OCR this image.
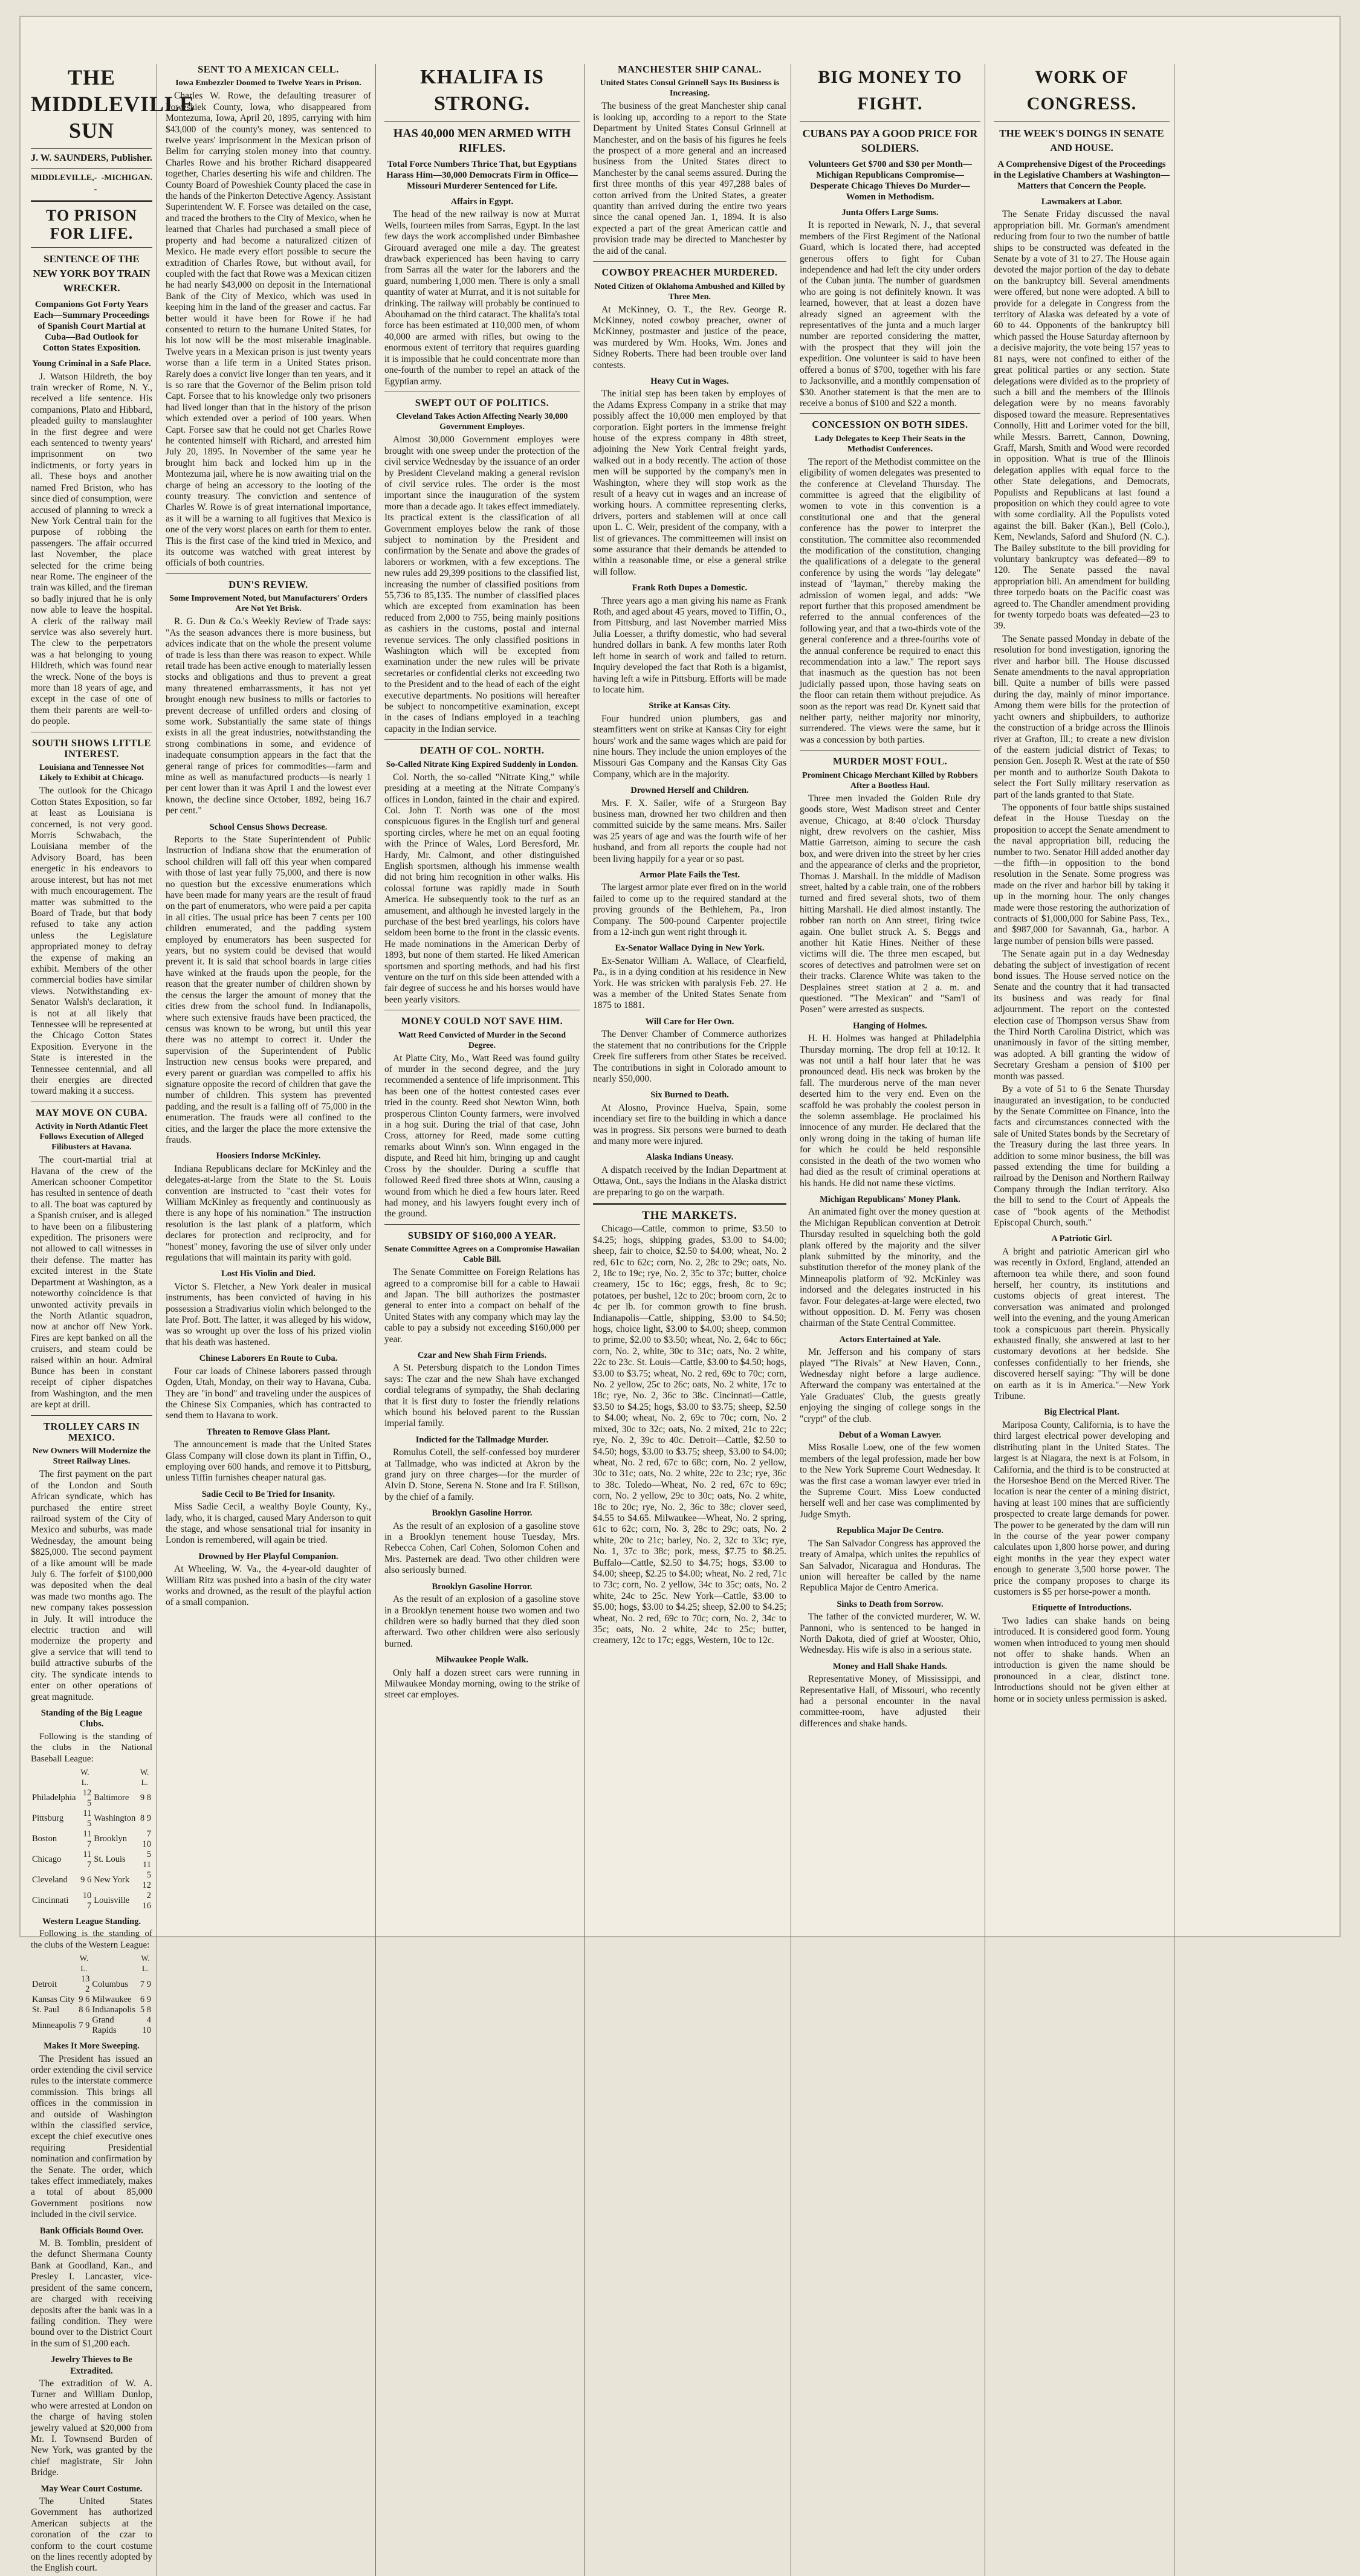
THE MIDDLEVILLE SUN
J. W. SAUNDERS, Publisher.
MIDDLEVILLE, - - -
MICHIGAN.
TO PRISON FOR LIFE.
SENTENCE OF THE NEW YORK BOY TRAIN WRECKER.
Companions Got Forty Years Each—Summary Proceedings of Spanish Court Martial at Cuba—Bad Outlook for Cotton States Exposition.
Young Criminal in a Safe Place.

J. Watson Hildreth, the boy train wrecker of Rome, N. Y., received a life sentence. His companions, Plato and Hibbard, pleaded guilty to manslaughter in the first degree and were each sentenced to twenty years' imprisonment on two indictments, or forty years in all. These boys and another named Fred Briston, who has since died of consumption, were accused of planning to wreck a New York Central train for the purpose of robbing the passengers. The affair occurred last November, the place selected for the crime being near Rome. The engineer of the train was killed, and the fireman so badly injured that he is only now able to leave the hospital. A clerk of the railway mail service was also severely hurt. The clew to the perpetrators was a hat belonging to young Hildreth, which was found near the wreck. None of the boys is more than 18 years of age, and except in the case of one of them their parents are well-to-do people.

SOUTH SHOWS LITTLE INTEREST.
Louisiana and Tennessee Not Likely to Exhibit at Chicago.

The outlook for the Chicago Cotton States Exposition, so far at least as Louisiana is concerned, is not very good. Morris Schwabach, the Louisiana member of the Advisory Board, has been energetic in his endeavors to arouse interest, but has not met with much encouragement. The matter was submitted to the Board of Trade, but that body refused to take any action unless the Legislature appropriated money to defray the expense of making an exhibit. Members of the other commercial bodies have similar views. Notwithstanding ex-Senator Walsh's declaration, it is not at all likely that Tennessee will be represented at the Chicago Cotton States Exposition. Everyone in the State is interested in the Tennessee centennial, and all their energies are directed toward making it a success.

MAY MOVE ON CUBA.
Activity in North Atlantic Fleet Follows Execution of Alleged Filibusters at Havana.

The court-martial trial at Havana of the crew of the American schooner Competitor has resulted in sentence of death to all. The boat was captured by a Spanish cruiser, and is alleged to have been on a filibustering expedition. The prisoners were not allowed to call witnesses in their defense. The matter has excited interest in the State Department at Washington, as a noteworthy coincidence is that unwonted activity prevails in the North Atlantic squadron, now at anchor off New York. Fires are kept banked on all the cruisers, and steam could be raised within an hour. Admiral Bunce has been in constant receipt of cipher dispatches from Washington, and the men are kept at drill.

TROLLEY CARS IN MEXICO.
New Owners Will Modernize the Street Railway Lines.

The first payment on the part of the London and South African syndicate, which has purchased the entire street railroad system of the City of Mexico and suburbs, was made Wednesday, the amount being $825,000. The second payment of a like amount will be made July 6. The forfeit of $100,000 was deposited when the deal was made two months ago. The new company takes possession in July. It will introduce the electric traction and will modernize the property and give a service that will tend to build attractive suburbs of the city. The syndicate intends to enter on other operations of great magnitude.

Standing of the Big League Clubs.
Following is the standing of the clubs in the National Baseball League:
	W. L.		W. L.
Philadelphia	12 5	Baltimore	9 8
Pittsburg	11 5	Washington	8 9
Boston	11 7	Brooklyn	7 10
Chicago	11 7	St. Louis	5 11
Cleveland	9 6	New York	5 12
Cincinnati	10 7	Louisville	2 16
Western League Standing.
Following is the standing of the clubs of the Western League:
	W. L.		W. L.
Detroit	13 2	Columbus	7 9
Kansas City	9 6	Milwaukee	6 9
St. Paul	8 6	Indianapolis	5 8
Minneapolis	7 9	Grand Rapids	4 10
Makes It More Sweeping.

The President has issued an order extending the civil service rules to the interstate commerce commission. This brings all offices in the commission in and outside of Washington within the classified service, except the chief executive ones requiring Presidential nomination and confirmation by the Senate. The order, which takes effect immediately, makes a total of about 85,000 Government positions now included in the civil service.

Bank Officials Bound Over.

M. B. Tomblin, president of the defunct Shermana County Bank at Goodland, Kan., and Presley I. Lancaster, vice-president of the same concern, are charged with receiving deposits after the bank was in a failing condition. They were bound over to the District Court in the sum of $1,200 each.

Jewelry Thieves to Be Extradited.

The extradition of W. A. Turner and William Dunlop, who were arrested at London on the charge of having stolen jewelry valued at $20,000 from Mr. I. Townsend Burden of New York, was granted by the chief magistrate, Sir John Bridge.

May Wear Court Costume.

The United States Government has authorized American subjects at the coronation of the czar to conform to the court costume on the lines recently adopted by the English court.

SENT TO A MEXICAN CELL.
Iowa Embezzler Doomed to Twelve Years in Prison.

Charles W. Rowe, the defaulting treasurer of Poweshiek County, Iowa, who disappeared from Montezuma, Iowa, April 20, 1895, carrying with him $43,000 of the county's money, was sentenced to twelve years' imprisonment in the Mexican prison of Belim for carrying stolen money into that country. Charles Rowe and his brother Richard disappeared together, Charles deserting his wife and children. The County Board of Poweshiek County placed the case in the hands of the Pinkerton Detective Agency. Assistant Superintendent W. F. Forsee was detailed on the case, and traced the brothers to the City of Mexico, when he learned that Charles had purchased a small piece of property and had become a naturalized citizen of Mexico. He made every effort possible to secure the extradition of Charles Rowe, but without avail, for coupled with the fact that Rowe was a Mexican citizen he had nearly $43,000 on deposit in the International Bank of the City of Mexico, which was used in keeping him in the land of the greaser and cactus. Far better would it have been for Rowe if he had consented to return to the humane United States, for his lot now will be the most miserable imaginable. Twelve years in a Mexican prison is just twenty years worse than a life term in a United States prison. Rarely does a convict live longer than ten years, and it is so rare that the Governor of the Belim prison told Capt. Forsee that to his knowledge only two prisoners had lived longer than that in the history of the prison which extended over a period of 100 years. When Capt. Forsee saw that he could not get Charles Rowe he contented himself with Richard, and arrested him July 20, 1895. In November of the same year he brought him back and locked him up in the Montezuma jail, where he is now awaiting trial on the charge of being an accessory to the looting of the county treasury. The conviction and sentence of Charles W. Rowe is of great international importance, as it will be a warning to all fugitives that Mexico is one of the very worst places on earth for them to enter. This is the first case of the kind tried in Mexico, and its outcome was watched with great interest by officials of both countries.

DUN'S REVIEW.
Some Improvement Noted, but Manufacturers' Orders Are Not Yet Brisk.

R. G. Dun & Co.'s Weekly Review of Trade says: "As the season advances there is more business, but advices indicate that on the whole the present volume of trade is less than there was reason to expect. While retail trade has been active enough to materially lessen stocks and obligations and thus to prevent a great many threatened embarrassments, it has not yet brought enough new business to mills or factories to prevent decrease of unfilled orders and closing of some work. Substantially the same state of things exists in all the great industries, notwithstanding the strong combinations in some, and evidence of inadequate consumption appears in the fact that the general range of prices for commodities—farm and mine as well as manufactured products—is nearly 1 per cent lower than it was April 1 and the lowest ever known, the decline since October, 1892, being 16.7 per cent."

School Census Shows Decrease.

Reports to the State Superintendent of Public Instruction of Indiana show that the enumeration of school children will fall off this year when compared with those of last year fully 75,000, and there is now no question but the excessive enumerations which have been made for many years are the result of fraud on the part of enumerators, who were paid a per capita in all cities. The usual price has been 7 cents per 100 children enumerated, and the padding system employed by enumerators has been suspected for years, but no system could be devised that would prevent it. It is said that school boards in large cities have winked at the frauds upon the people, for the reason that the greater number of children shown by the census the larger the amount of money that the cities drew from the school fund. In Indianapolis, where such extensive frauds have been practiced, the census was known to be wrong, but until this year there was no attempt to correct it. Under the supervision of the Superintendent of Public Instruction new census books were prepared, and every parent or guardian was compelled to affix his signature opposite the record of children that gave the number of children. This system has prevented padding, and the result is a falling off of 75,000 in the enumeration. The frauds were all confined to the cities, and the larger the place the more extensive the frauds.

Hoosiers Indorse McKinley.

Indiana Republicans declare for McKinley and the delegates-at-large from the State to the St. Louis convention are instructed to "cast their votes for William McKinley as frequently and continuously as there is any hope of his nomination." The instruction resolution is the last plank of a platform, which declares for protection and reciprocity, and for "honest" money, favoring the use of silver only under regulations that will maintain its parity with gold.

Lost His Violin and Died.

Victor S. Fletcher, a New York dealer in musical instruments, has been convicted of having in his possession a Stradivarius violin which belonged to the late Prof. Bott. The latter, it was alleged by his widow, was so wrought up over the loss of his prized violin that his death was hastened.

Chinese Laborers En Route to Cuba.

Four car loads of Chinese laborers passed through Ogden, Utah, Monday, on their way to Havana, Cuba. They are "in bond" and traveling under the auspices of the Chinese Six Companies, which has contracted to send them to Havana to work.

Threaten to Remove Glass Plant.

The announcement is made that the United States Glass Company will close down its plant in Tiffin, O., employing over 600 hands, and remove it to Pittsburg, unless Tiffin furnishes cheaper natural gas.

Sadie Cecil to Be Tried for Insanity.

Miss Sadie Cecil, a wealthy Boyle County, Ky., lady, who, it is charged, caused Mary Anderson to quit the stage, and whose sensational trial for insanity in London is remembered, will again be tried.

Drowned by Her Playful Companion.

At Wheeling, W. Va., the 4-year-old daughter of William Ritz was pushed into a basin of the city water works and drowned, as the result of the playful action of a small companion.

KHALIFA IS STRONG.
HAS 40,000 MEN ARMED WITH RIFLES.
Total Force Numbers Thrice That, but Egyptians Harass Him—30,000 Democrats Firm in Office—Missouri Murderer Sentenced for Life.
Affairs in Egypt.

The head of the new railway is now at Murrat Wells, fourteen miles from Sarras, Egypt. In the last few days the work accomplished under Bimbashee Girouard averaged one mile a day. The greatest drawback experienced has been having to carry from Sarras all the water for the laborers and the guard, numbering 1,000 men. There is only a small quantity of water at Murrat, and it is not suitable for drinking. The railway will probably be continued to Abouhamad on the third cataract. The khalifa's total force has been estimated at 110,000 men, of whom 40,000 are armed with rifles, but owing to the enormous extent of territory that requires guarding it is impossible that he could concentrate more than one-fourth of the number to repel an attack of the Egyptian army.

SWEPT OUT OF POLITICS.
Cleveland Takes Action Affecting Nearly 30,000 Government Employes.

Almost 30,000 Government employes were brought with one sweep under the protection of the civil service Wednesday by the issuance of an order by President Cleveland making a general revision of civil service rules. The order is the most important since the inauguration of the system more than a decade ago. It takes effect immediately. Its practical extent is the classification of all Government employes below the rank of those subject to nomination by the President and confirmation by the Senate and above the grades of laborers or workmen, with a few exceptions. The new rules add 29,399 positions to the classified list, increasing the number of classified positions from 55,736 to 85,135. The number of classified places which are excepted from examination has been reduced from 2,000 to 755, being mainly positions as cashiers in the customs, postal and internal revenue services. The only classified positions in Washington which will be excepted from examination under the new rules will be private secretaries or confidential clerks not exceeding two to the President and to the head of each of the eight executive departments. No positions will hereafter be subject to noncompetitive examination, except in the cases of Indians employed in a teaching capacity in the Indian service.

DEATH OF COL. NORTH.
So-Called Nitrate King Expired Suddenly in London.

Col. North, the so-called "Nitrate King," while presiding at a meeting at the Nitrate Company's offices in London, fainted in the chair and expired. Col. John T. North was one of the most conspicuous figures in the English turf and general sporting circles, where he met on an equal footing with the Prince of Wales, Lord Beresford, Mr. Hardy, Mr. Calmont, and other distinguished English sportsmen, although his immense wealth did not bring him recognition in other walks. His colossal fortune was rapidly made in South America. He subsequently took to the turf as an amusement, and although he invested largely in the purchase of the best bred yearlings, his colors have seldom been borne to the front in the classic events. He made nominations in the American Derby of 1893, but none of them started. He liked American sportsmen and sporting methods, and had his first venture on the turf on this side been attended with a fair degree of success he and his horses would have been yearly visitors.

MONEY COULD NOT SAVE HIM.
Watt Reed Convicted of Murder in the Second Degree.

At Platte City, Mo., Watt Reed was found guilty of murder in the second degree, and the jury recommended a sentence of life imprisonment. This has been one of the hottest contested cases ever tried in the county. Reed shot Newton Winn, both prosperous Clinton County farmers, were involved in a hog suit. During the trial of that case, John Cross, attorney for Reed, made some cutting remarks about Winn's son. Winn engaged in the dispute, and Reed hit him, bringing up and caught Cross by the shoulder. During a scuffle that followed Reed fired three shots at Winn, causing a wound from which he died a few hours later. Reed had money, and his lawyers fought every inch of the ground.

SUBSIDY OF $160,000 A YEAR.
Senate Committee Agrees on a Compromise Hawaiian Cable Bill.

The Senate Committee on Foreign Relations has agreed to a compromise bill for a cable to Hawaii and Japan. The bill authorizes the postmaster general to enter into a compact on behalf of the United States with any company which may lay the cable to pay a subsidy not exceeding $160,000 per year.

Czar and New Shah Firm Friends.

A St. Petersburg dispatch to the London Times says: The czar and the new Shah have exchanged cordial telegrams of sympathy, the Shah declaring that it is first duty to foster the friendly relations which bound his beloved parent to the Russian imperial family.

Indicted for the Tallmadge Murder.

Romulus Cotell, the self-confessed boy murderer at Tallmadge, who was indicted at Akron by the grand jury on three charges—for the murder of Alvin D. Stone, Serena N. Stone and Ira F. Stillson, by the chief of a family.

Brooklyn Gasoline Horror.

As the result of an explosion of a gasoline stove in a Brooklyn tenement house Tuesday, Mrs. Rebecca Cohen, Carl Cohen, Solomon Cohen and Mrs. Pasternek are dead. Two other children were also seriously burned.

Brooklyn Gasoline Horror.

As the result of an explosion of a gasoline stove in a Brooklyn tenement house two women and two children were so badly burned that they died soon afterward. Two other children were also seriously burned.

Milwaukee People Walk.

Only half a dozen street cars were running in Milwaukee Monday morning, owing to the strike of street car employes.

MANCHESTER SHIP CANAL.
United States Consul Grinnell Says Its Business is Increasing.

The business of the great Manchester ship canal is looking up, according to a report to the State Department by United States Consul Grinnell at Manchester, and on the basis of his figures he feels the prospect of a more general and an increased business from the United States direct to Manchester by the canal seems assured. During the first three months of this year 497,288 bales of cotton arrived from the United States, a greater quantity than arrived during the entire two years since the canal opened Jan. 1, 1894. It is also expected a part of the great American cattle and provision trade may be directed to Manchester by the aid of the canal.

COWBOY PREACHER MURDERED.
Noted Citizen of Oklahoma Ambushed and Killed by Three Men.

At McKinney, O. T., the Rev. George R. McKinney, noted cowboy preacher, owner of McKinney, postmaster and justice of the peace, was murdered by Wm. Hooks, Wm. Jones and Sidney Roberts. There had been trouble over land contests.

Heavy Cut in Wages.

The initial step has been taken by employes of the Adams Express Company in a strike that may possibly affect the 10,000 men employed by that corporation. Eight porters in the immense freight house of the express company in 48th street, adjoining the New York Central freight yards, walked out in a body recently. The action of those men will be supported by the company's men in Washington, where they will stop work as the result of a heavy cut in wages and an increase of working hours. A committee representing clerks, drivers, porters and stablemen will at once call upon L. C. Weir, president of the company, with a list of grievances. The committeemen will insist on some assurance that their demands be attended to within a reasonable time, or else a general strike will follow.

Frank Roth Dupes a Domestic.

Three years ago a man giving his name as Frank Roth, and aged about 45 years, moved to Tiffin, O., from Pittsburg, and last November married Miss Julia Loesser, a thrifty domestic, who had several hundred dollars in bank. A few months later Roth left home in search of work and failed to return. Inquiry developed the fact that Roth is a bigamist, having left a wife in Pittsburg. Efforts will be made to locate him.

Strike at Kansas City.

Four hundred union plumbers, gas and steamfitters went on strike at Kansas City for eight hours' work and the same wages which are paid for nine hours. They include the union employes of the Missouri Gas Company and the Kansas City Gas Company, which are in the majority.

Drowned Herself and Children.

Mrs. F. X. Sailer, wife of a Sturgeon Bay business man, drowned her two children and then committed suicide by the same means. Mrs. Sailer was 25 years of age and was the fourth wife of her husband, and from all reports the couple had not been living happily for a year or so past.

Armor Plate Fails the Test.

The largest armor plate ever fired on in the world failed to come up to the required standard at the proving grounds of the Bethlehem, Pa., Iron Company. The 500-pound Carpenter projectile from a 12-inch gun went right through it.

Ex-Senator Wallace Dying in New York.

Ex-Senator William A. Wallace, of Clearfield, Pa., is in a dying condition at his residence in New York. He was stricken with paralysis Feb. 27. He was a member of the United States Senate from 1875 to 1881.

Will Care for Her Own.

The Denver Chamber of Commerce authorizes the statement that no contributions for the Cripple Creek fire sufferers from other States be received. The contributions in sight in Colorado amount to nearly $50,000.

Six Burned to Death.

At Alosno, Province Huelva, Spain, some incendiary set fire to the building in which a dance was in progress. Six persons were burned to death and many more were injured.

Alaska Indians Uneasy.

A dispatch received by the Indian Department at Ottawa, Ont., says the Indians in the Alaska district are preparing to go on the warpath.

THE MARKETS.

Chicago—Cattle, common to prime, $3.50 to $4.25; hogs, shipping grades, $3.00 to $4.00; sheep, fair to choice, $2.50 to $4.00; wheat, No. 2 red, 61c to 62c; corn, No. 2, 28c to 29c; oats, No. 2, 18c to 19c; rye, No. 2, 35c to 37c; butter, choice creamery, 15c to 16c; eggs, fresh, 8c to 9c; potatoes, per bushel, 12c to 20c; broom corn, 2c to 4c per lb. for common growth to fine brush. Indianapolis—Cattle, shipping, $3.00 to $4.50; hogs, choice light, $3.00 to $4.00; sheep, common to prime, $2.00 to $3.50; wheat, No. 2, 64c to 66c; corn, No. 2, white, 30c to 31c; oats, No. 2 white, 22c to 23c. St. Louis—Cattle, $3.00 to $4.50; hogs, $3.00 to $3.75; wheat, No. 2 red, 69c to 70c; corn, No. 2 yellow, 25c to 26c; oats, No. 2 white, 17c to 18c; rye, No. 2, 36c to 38c. Cincinnati—Cattle, $3.50 to $4.25; hogs, $3.00 to $3.75; sheep, $2.50 to $4.00; wheat, No. 2, 69c to 70c; corn, No. 2 mixed, 30c to 32c; oats, No. 2 mixed, 21c to 22c; rye, No. 2, 39c to 40c. Detroit—Cattle, $2.50 to $4.50; hogs, $3.00 to $3.75; sheep, $3.00 to $4.00; wheat, No. 2 red, 67c to 68c; corn, No. 2 yellow, 30c to 31c; oats, No. 2 white, 22c to 23c; rye, 36c to 38c. Toledo—Wheat, No. 2 red, 67c to 69c; corn, No. 2 yellow, 29c to 30c; oats, No. 2 white, 18c to 20c; rye, No. 2, 36c to 38c; clover seed, $4.55 to $4.65. Milwaukee—Wheat, No. 2 spring, 61c to 62c; corn, No. 3, 28c to 29c; oats, No. 2 white, 20c to 21c; barley, No. 2, 32c to 33c; rye, No. 1, 37c to 38c; pork, mess, $7.75 to $8.25. Buffalo—Cattle, $2.50 to $4.75; hogs, $3.00 to $4.00; sheep, $2.25 to $4.00; wheat, No. 2 red, 71c to 73c; corn, No. 2 yellow, 34c to 35c; oats, No. 2 white, 24c to 25c. New York—Cattle, $3.00 to $5.00; hogs, $3.00 to $4.25; sheep, $2.00 to $4.25; wheat, No. 2 red, 69c to 70c; corn, No. 2, 34c to 35c; oats, No. 2 white, 24c to 25c; butter, creamery, 12c to 17c; eggs, Western, 10c to 12c.

BIG MONEY TO FIGHT.
CUBANS PAY A GOOD PRICE FOR SOLDIERS.
Volunteers Get $700 and $30 per Month—Michigan Republicans Compromise—Desperate Chicago Thieves Do Murder—Women in Methodism.
Junta Offers Large Sums.

It is reported in Newark, N. J., that several members of the First Regiment of the National Guard, which is located there, had accepted generous offers to fight for Cuban independence and had left the city under orders of the Cuban junta. The number of guardsmen who are going is not definitely known. It was learned, however, that at least a dozen have already signed an agreement with the representatives of the junta and a much larger number are reported considering the matter, with the prospect that they will join the expedition. One volunteer is said to have been offered a bonus of $700, together with his fare to Jacksonville, and a monthly compensation of $30. Another statement is that the men are to receive a bonus of $100 and $22 a month.

CONCESSION ON BOTH SIDES.
Lady Delegates to Keep Their Seats in the Methodist Conferences.

The report of the Methodist committee on the eligibility of women delegates was presented to the conference at Cleveland Thursday. The committee is agreed that the eligibility of women to vote in this convention is a constitutional one and that the general conference has the power to interpret the constitution. The committee also recommended the modification of the constitution, changing the qualifications of a delegate to the general conference by using the words "lay delegate" instead of "layman," thereby making the admission of women legal, and adds: "We report further that this proposed amendment be referred to the annual conferences of the following year, and that a two-thirds vote of the general conference and a three-fourths vote of the annual conference be required to enact this recommendation into a law." The report says that inasmuch as the question has not been judicially passed upon, those having seats on the floor can retain them without prejudice. As soon as the report was read Dr. Kynett said that neither party, neither majority nor minority, surrendered. The views were the same, but it was a concession by both parties.

MURDER MOST FOUL.
Prominent Chicago Merchant Killed by Robbers After a Bootless Haul.

Three men invaded the Golden Rule dry goods store, West Madison street and Center avenue, Chicago, at 8:40 o'clock Thursday night, drew revolvers on the cashier, Miss Mattie Garretson, aiming to secure the cash box, and were driven into the street by her cries and the appearance of clerks and the proprietor, Thomas J. Marshall. In the middle of Madison street, halted by a cable train, one of the robbers turned and fired several shots, two of them hitting Marshall. He died almost instantly. The robber ran north on Ann street, firing twice again. One bullet struck A. S. Beggs and another hit Katie Hines. Neither of these victims will die. The three men escaped, but scores of detectives and patrolmen were set on their tracks. Clarence White was taken to the Desplaines street station at 2 a. m. and questioned. "The Mexican" and "Sam'l of Posen" were arrested as suspects.

Hanging of Holmes.

H. H. Holmes was hanged at Philadelphia Thursday morning. The drop fell at 10:12. It was not until a half hour later that he was pronounced dead. His neck was broken by the fall. The murderous nerve of the man never deserted him to the very end. Even on the scaffold he was probably the coolest person in the solemn assemblage. He proclaimed his innocence of any murder. He declared that the only wrong doing in the taking of human life for which he could be held responsible consisted in the death of the two women who had died as the result of criminal operations at his hands. He did not name these victims.

Michigan Republicans' Money Plank.

An animated fight over the money question at the Michigan Republican convention at Detroit Thursday resulted in squelching both the gold plank offered by the majority and the silver plank submitted by the minority, and the substitution therefor of the money plank of the Minneapolis platform of '92. McKinley was indorsed and the delegates instructed in his favor. Four delegates-at-large were elected, two without opposition. D. M. Ferry was chosen chairman of the State Central Committee.

Actors Entertained at Yale.

Mr. Jefferson and his company of stars played "The Rivals" at New Haven, Conn., Wednesday night before a large audience. Afterward the company was entertained at the Yale Graduates' Club, the guests greatly enjoying the singing of college songs in the "crypt" of the club.

Debut of a Woman Lawyer.

Miss Rosalie Loew, one of the few women members of the legal profession, made her bow to the New York Supreme Court Wednesday. It was the first case a woman lawyer ever tried in the Supreme Court. Miss Loew conducted herself well and her case was complimented by Judge Smyth.

Republica Major De Centro.

The San Salvador Congress has approved the treaty of Amalpa, which unites the republics of San Salvador, Nicaragua and Honduras. The union will hereafter be called by the name Republica Major de Centro America.

Sinks to Death from Sorrow.

The father of the convicted murderer, W. W. Pannoni, who is sentenced to be hanged in North Dakota, died of grief at Wooster, Ohio, Wednesday. His wife is also in a serious state.

Money and Hall Shake Hands.

Representative Money, of Mississippi, and Representative Hall, of Missouri, who recently had a personal encounter in the naval committee-room, have adjusted their differences and shake hands.

WORK OF CONGRESS.
THE WEEK'S DOINGS IN SENATE AND HOUSE.
A Comprehensive Digest of the Proceedings in the Legislative Chambers at Washington—Matters that Concern the People.
Lawmakers at Labor.

The Senate Friday discussed the naval appropriation bill. Mr. Gorman's amendment reducing from four to two the number of battle ships to be constructed was defeated in the Senate by a vote of 31 to 27. The House again devoted the major portion of the day to debate on the bankruptcy bill. Several amendments were offered, but none were adopted. A bill to provide for a delegate in Congress from the territory of Alaska was defeated by a vote of 60 to 44. Opponents of the bankruptcy bill which passed the House Saturday afternoon by a decisive majority, the vote being 157 yeas to 81 nays, were not confined to either of the great political parties or any section. State delegations were divided as to the propriety of such a bill and the members of the Illinois delegation were by no means favorably disposed toward the measure. Representatives Connolly, Hitt and Lorimer voted for the bill, while Messrs. Barrett, Cannon, Downing, Graff, Marsh, Smith and Wood were recorded in opposition. What is true of the Illinois delegation applies with equal force to the other State delegations, and Democrats, Populists and Republicans at last found a proposition on which they could agree to vote with some cordiality. All the Populists voted against the bill. Baker (Kan.), Bell (Colo.), Kem, Newlands, Saford and Shuford (N. C.). The Bailey substitute to the bill providing for voluntary bankruptcy was defeated—89 to 120. The Senate passed the naval appropriation bill. An amendment for building three torpedo boats on the Pacific coast was agreed to. The Chandler amendment providing for twenty torpedo boats was defeated—23 to 39.

The Senate passed Monday in debate of the resolution for bond investigation, ignoring the river and harbor bill. The House discussed Senate amendments to the naval appropriation bill. Quite a number of bills were passed during the day, mainly of minor importance. Among them were bills for the protection of yacht owners and shipbuilders, to authorize the construction of a bridge across the Illinois river at Grafton, Ill.; to create a new division of the eastern judicial district of Texas; to pension Gen. Joseph R. West at the rate of $50 per month and to authorize South Dakota to select the Fort Sully military reservation as part of the lands granted to that State.

The opponents of four battle ships sustained defeat in the House Tuesday on the proposition to accept the Senate amendment to the naval appropriation bill, reducing the number to two. Senator Hill added another day—the fifth—in opposition to the bond resolution in the Senate. Some progress was made on the river and harbor bill by taking it up in the morning hour. The only changes made were those restoring the authorization of contracts of $1,000,000 for Sabine Pass, Tex., and $987,000 for Savannah, Ga., harbor. A large number of pension bills were passed.

The Senate again put in a day Wednesday debating the subject of investigation of recent bond issues. The House served notice on the Senate and the country that it had transacted its business and was ready for final adjournment. The report on the contested election case of Thompson versus Shaw from the Third North Carolina District, which was unanimously in favor of the sitting member, was adopted. A bill granting the widow of Secretary Gresham a pension of $100 per month was passed.

By a vote of 51 to 6 the Senate Thursday inaugurated an investigation, to be conducted by the Senate Committee on Finance, into the facts and circumstances connected with the sale of United States bonds by the Secretary of the Treasury during the last three years. In addition to some minor business, the bill was passed extending the time for building a railroad by the Denison and Northern Railway Company through the Indian territory. Also the bill to send to the Court of Appeals the case of "book agents of the Methodist Episcopal Church, south."

A Patriotic Girl.

A bright and patriotic American girl who was recently in Oxford, England, attended an afternoon tea while there, and soon found herself, her country, its institutions and customs objects of great interest. The conversation was animated and prolonged well into the evening, and the young American took a conspicuous part therein. Physically exhausted finally, she answered at last to her customary devotions at her bedside. She confesses confidentially to her friends, she discovered herself saying: "Thy will be done on earth as it is in America."—New York Tribune.

Big Electrical Plant.

Mariposa County, California, is to have the third largest electrical power developing and distributing plant in the United States. The largest is at Niagara, the next is at Folsom, in California, and the third is to be constructed at the Horseshoe Bend on the Merced River. The location is near the center of a mining district, having at least 100 mines that are sufficiently prospected to create large demands for power. The power to be generated by the dam will run in the course of the year power company calculates upon 1,800 horse power, and during eight months in the year they expect water enough to generate 3,500 horse power. The price the company proposes to charge its customers is $5 per horse-power a month.

Etiquette of Introductions.

Two ladies can shake hands on being introduced. It is considered good form. Young women when introduced to young men should not offer to shake hands. When an introduction is given the name should be pronounced in a clear, distinct tone. Introductions should not be given either at home or in society unless permission is asked.
